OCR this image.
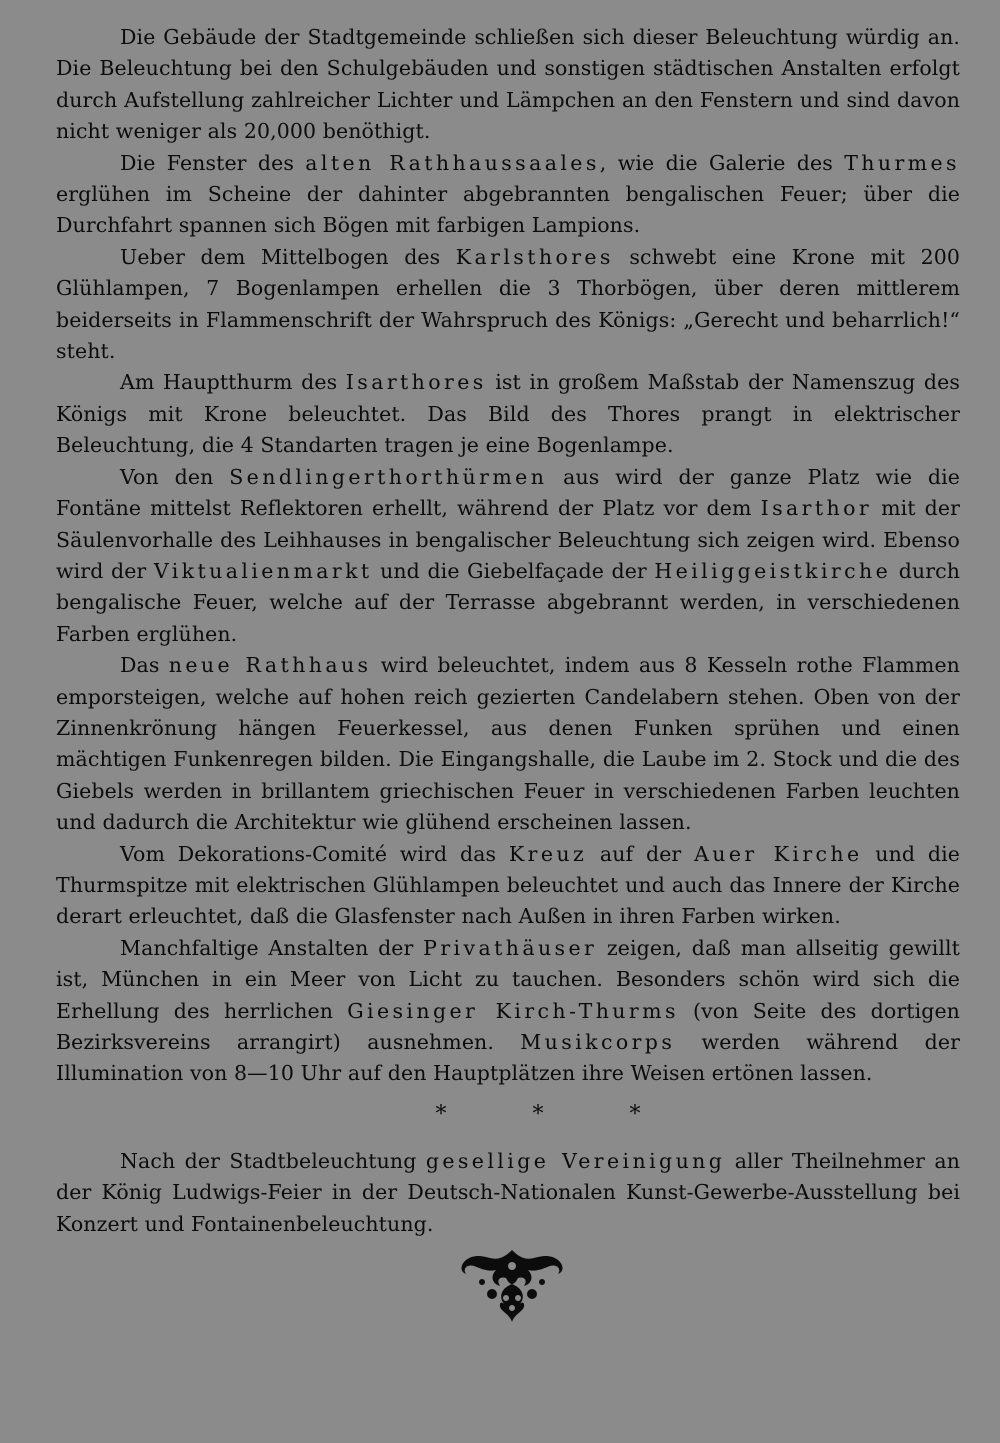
Die Gebäude der Stadtgemeinde schließen sich dieser Beleuchtung würdig an. Die Beleuchtung bei den Schulgebäuden und sonstigen städtischen Anstalten erfolgt durch Aufstellung zahlreicher Lichter und Lämpchen an den Fenstern und sind davon nicht weniger als 20,000 benöthigt.

Die Fenster des alten Rathhaussaales, wie die Galerie des Thurmes erglühen im Scheine der dahinter abgebrannten bengalischen Feuer; über die Durchfahrt spannen sich Bögen mit farbigen Lampions.

Ueber dem Mittelbogen des Karlsthores schwebt eine Krone mit 200 Glühlampen, 7 Bogenlampen erhellen die 3 Thorbögen, über deren mittlerem beiderseits in Flammenschrift der Wahrspruch des Königs: „Gerecht und beharrlich!“ steht.

Am Hauptthurm des Isarthores ist in großem Maßstab der Namenszug des Königs mit Krone beleuchtet. Das Bild des Thores prangt in elektrischer Beleuchtung, die 4 Standarten tragen je eine Bogenlampe.

Von den Sendlingerthorthürmen aus wird der ganze Platz wie die Fontäne mittelst Reflektoren erhellt, während der Platz vor dem Isarthor mit der Säulenvorhalle des Leihhauses in bengalischer Beleuchtung sich zeigen wird. Ebenso wird der Viktualienmarkt und die Giebelfaçade der Heiliggeistkirche durch bengalische Feuer, welche auf der Terrasse abgebrannt werden, in verschiedenen Farben erglühen.

Das neue Rathhaus wird beleuchtet, indem aus 8 Kesseln rothe Flammen emporsteigen, welche auf hohen reich gezierten Candelabern stehen. Oben von der Zinnenkrönung hängen Feuerkessel, aus denen Funken sprühen und einen mächtigen Funkenregen bilden. Die Eingangshalle, die Laube im 2. Stock und die des Giebels werden in brillantem griechischen Feuer in verschiedenen Farben leuchten und dadurch die Architektur wie glühend erscheinen lassen.

Vom Dekorations-Comité wird das Kreuz auf der Auer Kirche und die Thurmspitze mit elektrischen Glühlampen beleuchtet und auch das Innere der Kirche derart erleuchtet, daß die Glasfenster nach Außen in ihren Farben wirken.

Manchfaltige Anstalten der Privathäuser zeigen, daß man allseitig gewillt ist, München in ein Meer von Licht zu tauchen. Besonders schön wird sich die Erhellung des herrlichen Giesinger Kirch-Thurms (von Seite des dortigen Bezirksvereins arrangirt) ausnehmen. Musikcorps werden während der Illumination von 8—10 Uhr auf den Hauptplätzen ihre Weisen ertönen lassen.

*	*	*

Nach der Stadtbeleuchtung gesellige Vereinigung aller Theilnehmer an der König Ludwigs-Feier in der Deutsch-Nationalen Kunst-Gewerbe-Ausstellung bei Konzert und Fontainenbeleuchtung.
